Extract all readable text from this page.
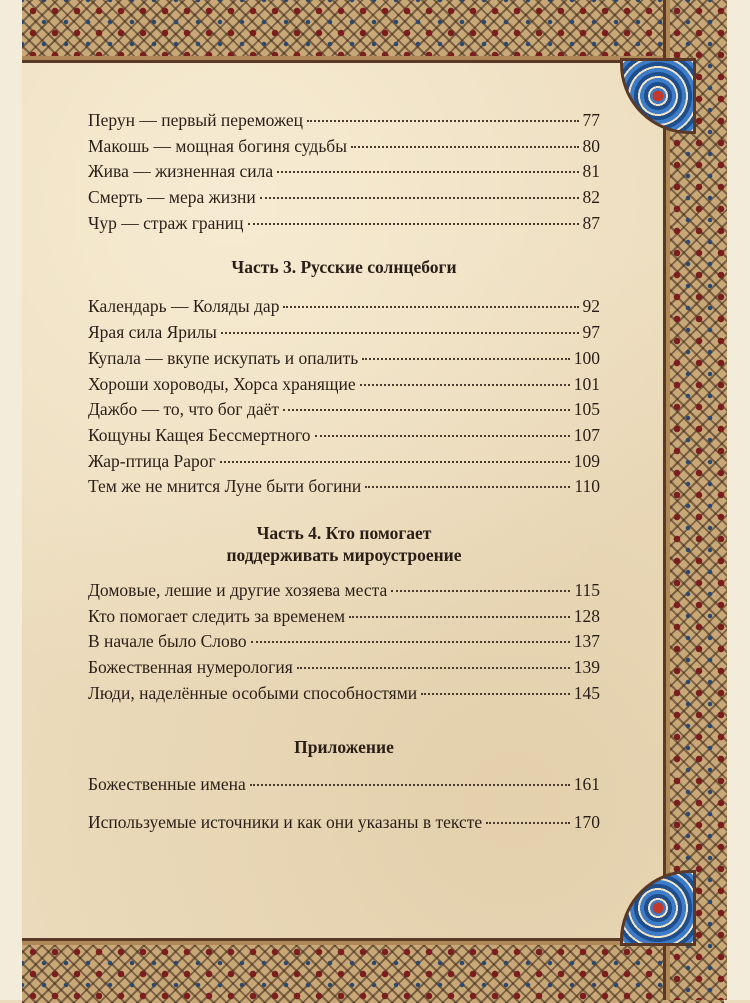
Перун — первый переможец	77
Макошь — мощная богиня судьбы	80
Жива — жизненная сила	81
Смерть — мера жизни	82
Чур — страж границ	87
Часть 3. Русские солнцебоги
Календарь — Коляды дар	92
Ярая сила Ярилы	97
Купала — вкупе искупать и опалить	100
Хороши хороводы, Хорса хранящие	101
Дажбо — то, что бог даёт	105
Кощуны Кащея Бессмертного	107
Жар-птица Рарог	109
Тем же не мнится Луне быти богини	110
Часть 4. Кто помогает
поддерживать мироустроение
Домовые, лешие и другие хозяева места	115
Кто помогает следить за временем	128
В начале было Слово	137
Божественная нумерология	139
Люди, наделённые особыми способностями	145
Приложение
Божественные имена	161
Используемые источники и как они указаны в тексте	170
